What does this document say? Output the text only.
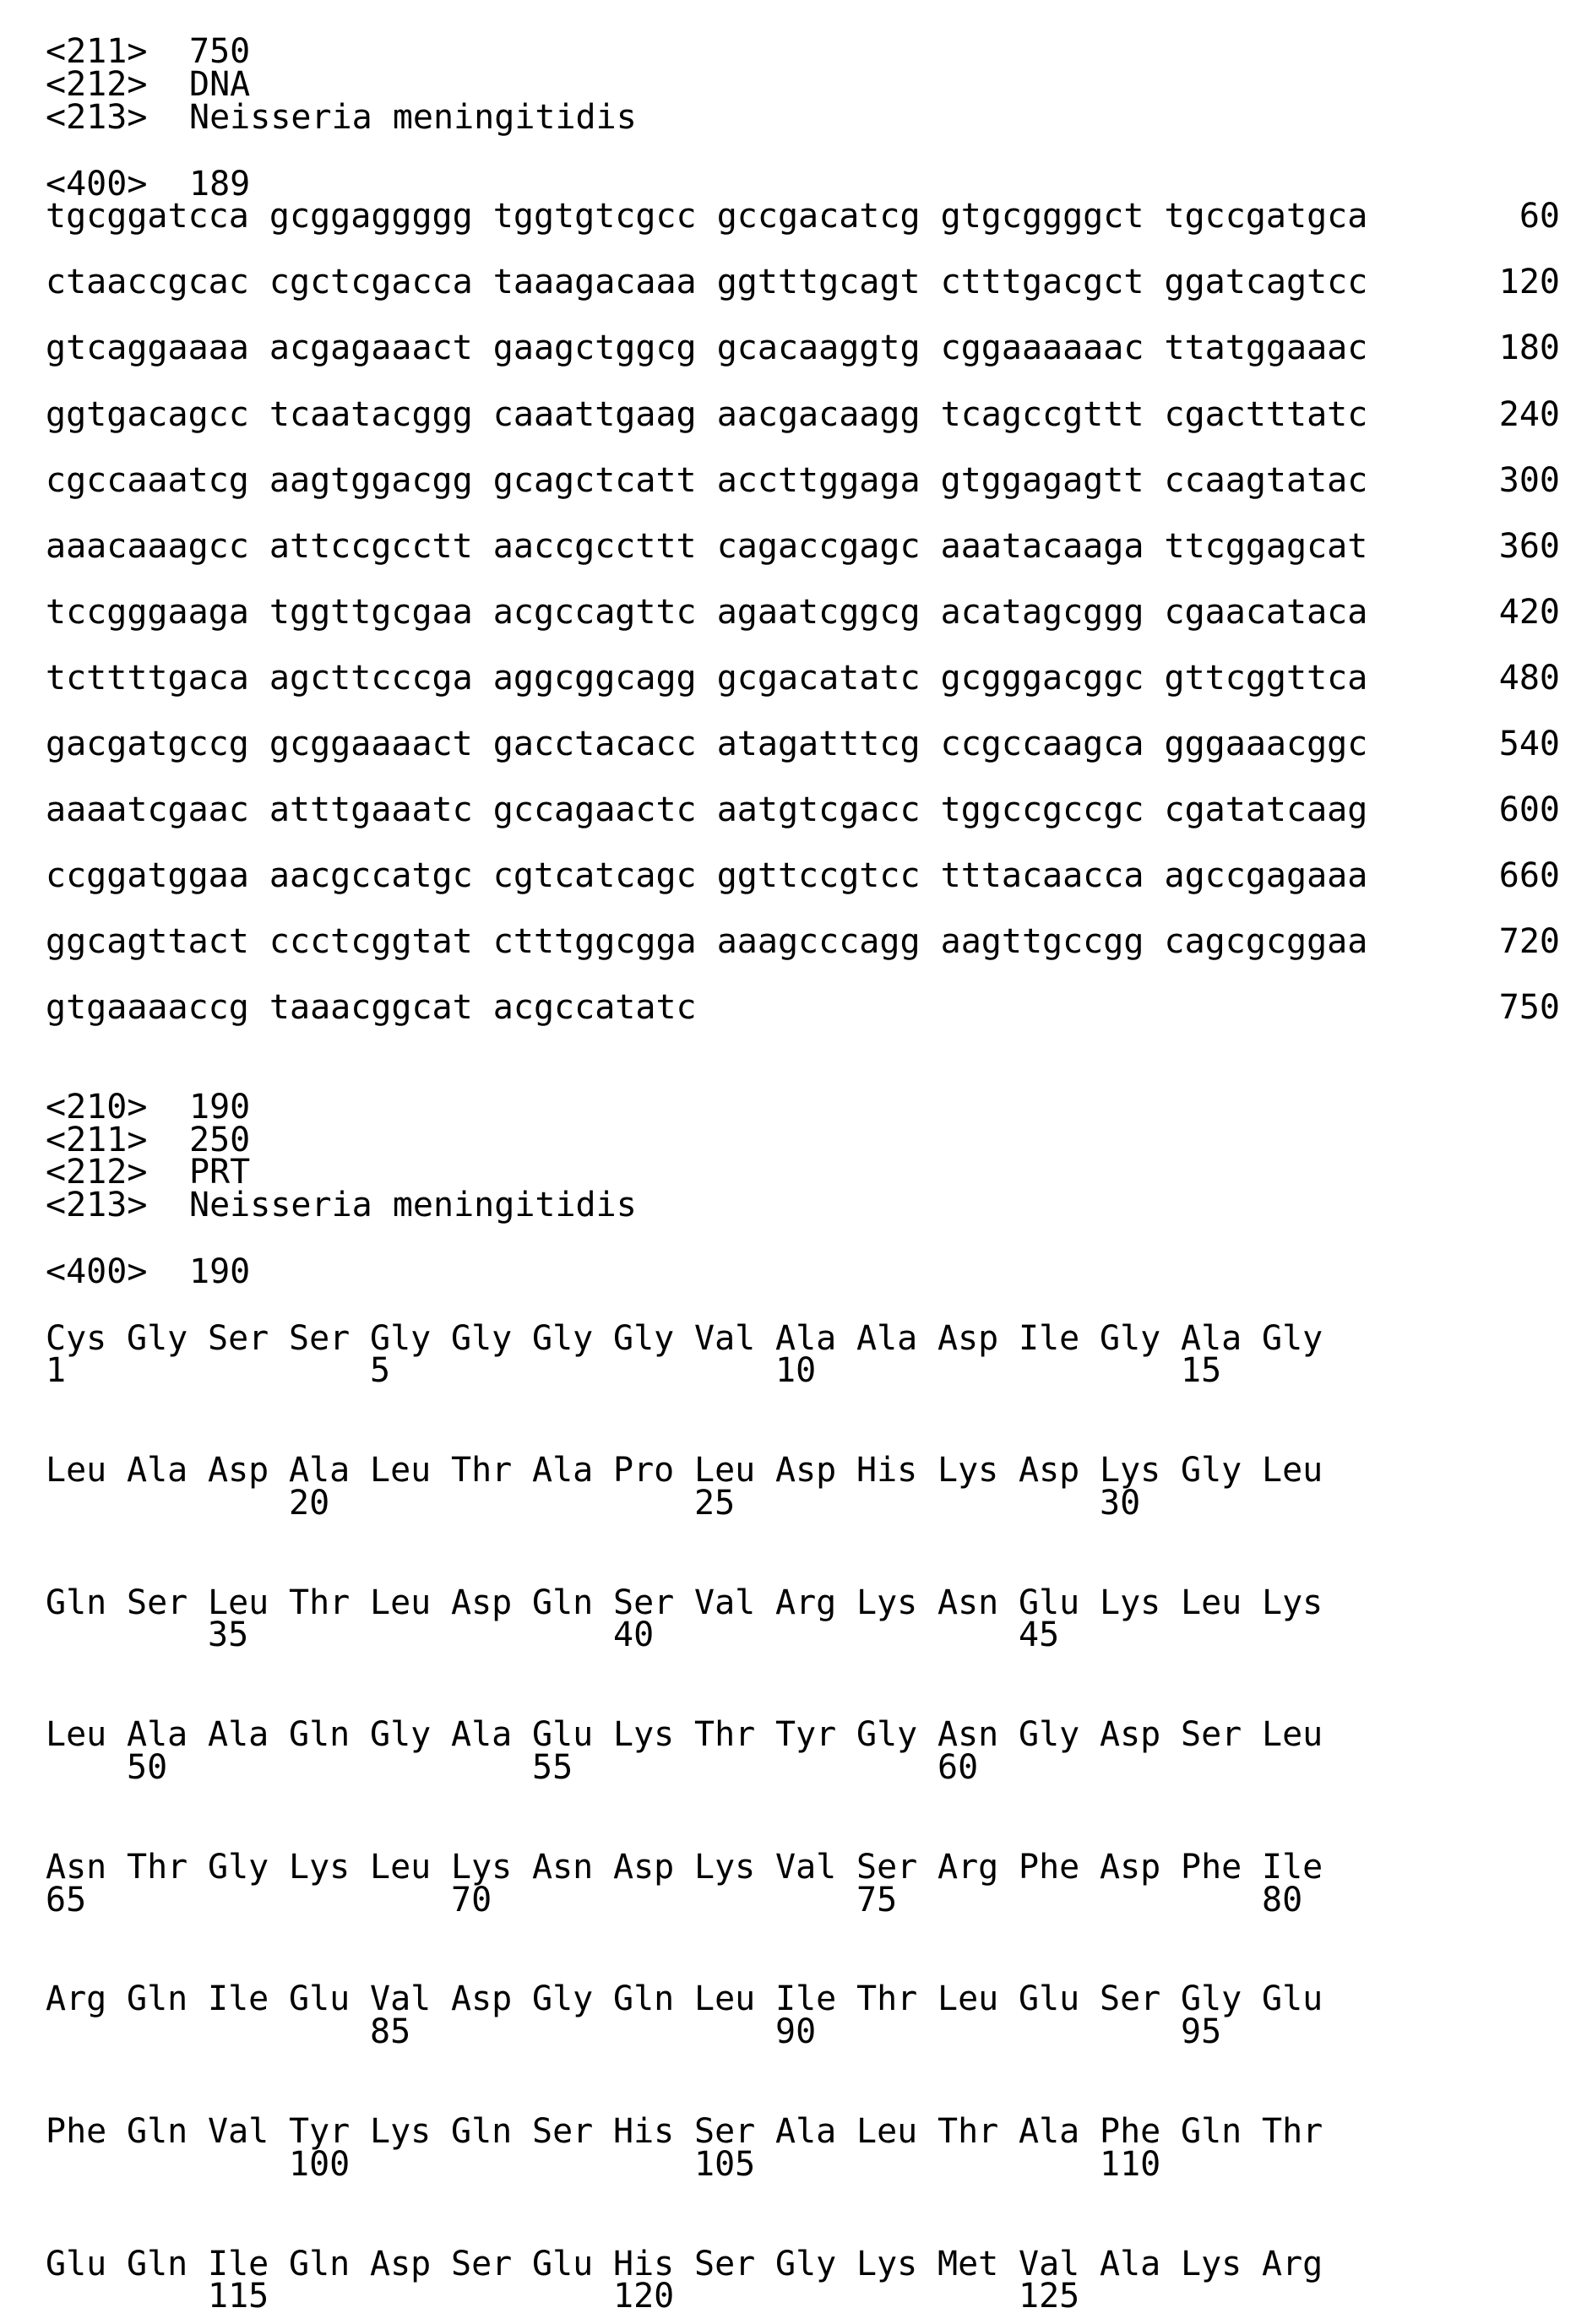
<211> 750
<212> DNA
<213> Neisseria meningitidis
<400> 189
tgcggatcca gcggaggggg tggtgtcgcc gccgacatcg gtgcggggct tgccgatgca	60
ctaaccgcac cgctcgacca taaagacaaa ggtttgcagt ctttgacgct ggatcagtcc	120
gtcaggaaaa acgagaaact gaagctggcg gcacaaggtg cggaaaaaac ttatggaaac	180
ggtgacagcc tcaatacggg caaattgaag aacgacaagg tcagccgttt cgactttatc	240
cgccaaatcg aagtggacgg gcagctcatt accttggaga gtggagagtt ccaagtatac	300
aaacaaagcc attccgcctt aaccgccttt cagaccgagc aaatacaaga ttcggagcat	360
tccgggaaga tggttgcgaa acgccagttc agaatcggcg acatagcggg cgaacataca	420
tcttttgaca agcttcccga aggcggcagg gcgacatatc gcgggacggc gttcggttca	480
gacgatgccg gcggaaaact gacctacacc atagatttcg ccgccaagca gggaaacggc	540
aaaatcgaac atttgaaatc gccagaactc aatgtcgacc tggccgccgc cgatatcaag	600
ccggatggaa aacgccatgc cgtcatcagc ggttccgtcc tttacaacca agccgagaaa	660
ggcagttact ccctcggtat ctttggcgga aaagcccagg aagttgccgg cagcgcggaa	720
gtgaaaaccg taaacggcat acgccatatc	750
<210> 190
<211> 250
<212> PRT
<213> Neisseria meningitidis
<400> 190
Cys Gly Ser Ser Gly Gly Gly Gly Val Ala Ala Asp Ile Gly Ala Gly
1	5	10	15
Leu Ala Asp Ala Leu Thr Ala Pro Leu Asp His Lys Asp Lys Gly Leu
20	25	30
Gln Ser Leu Thr Leu Asp Gln Ser Val Arg Lys Asn Glu Lys Leu Lys
35	40	45
Leu Ala Ala Gln Gly Ala Glu Lys Thr Tyr Gly Asn Gly Asp Ser Leu
50	55	60
Asn Thr Gly Lys Leu Lys Asn Asp Lys Val Ser Arg Phe Asp Phe Ile
65	70	75	80
Arg Gln Ile Glu Val Asp Gly Gln Leu Ile Thr Leu Glu Ser Gly Glu
85	90	95
Phe Gln Val Tyr Lys Gln Ser His Ser Ala Leu Thr Ala Phe Gln Thr
100	105	110
Glu Gln Ile Gln Asp Ser Glu His Ser Gly Lys Met Val Ala Lys Arg
115	120	125
